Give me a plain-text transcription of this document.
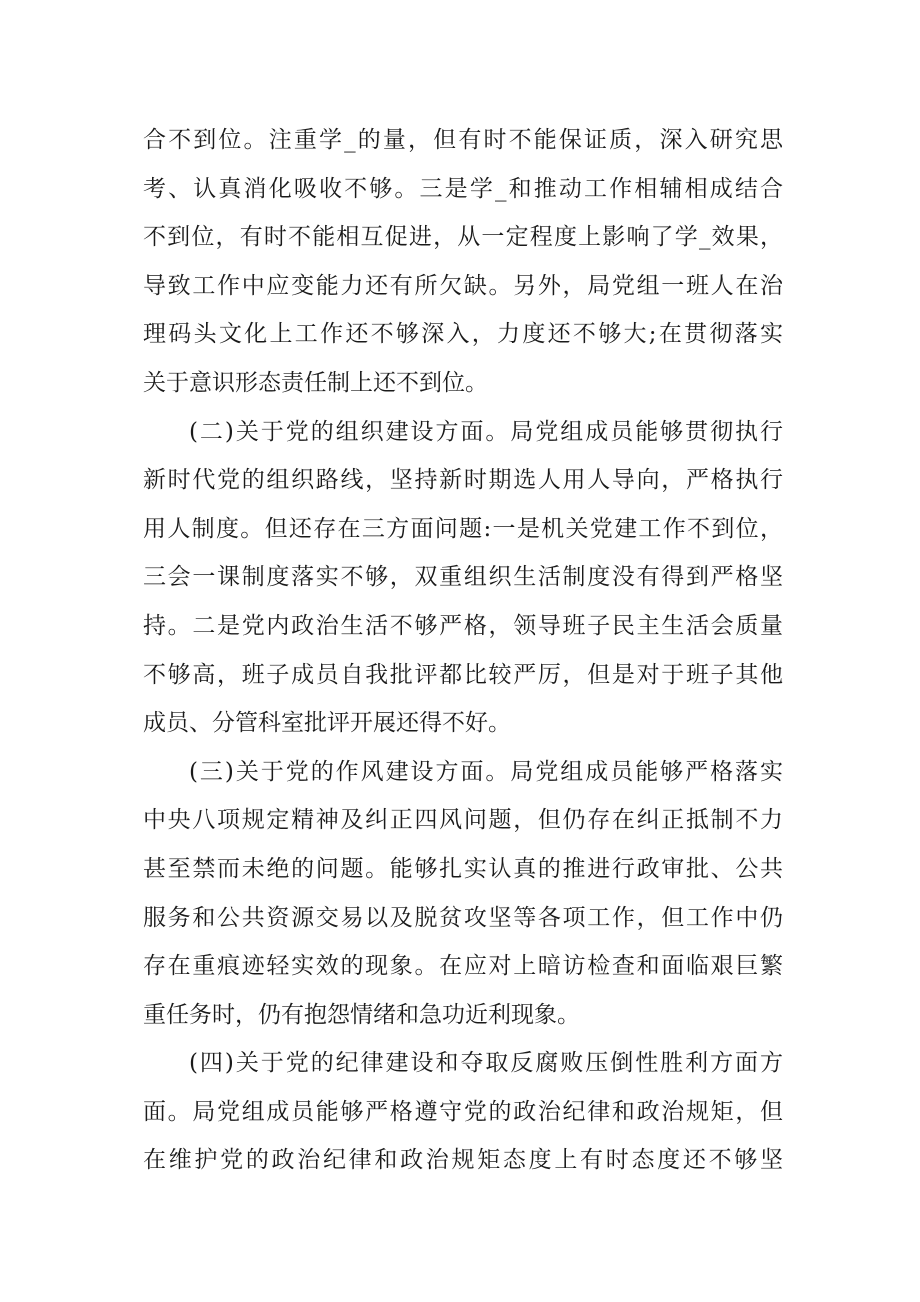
合不到位。注重学_的量，但有时不能保证质，深入研究思
考、认真消化吸收不够。三是学_和推动工作相辅相成结合
不到位，有时不能相互促进，从一定程度上影响了学_效果，
导致工作中应变能力还有所欠缺。另外，局党组一班人在治
理码头文化上工作还不够深入，力度还不够大;在贯彻落实
关于意识形态责任制上还不到位。
(二)关于党的组织建设方面。局党组成员能够贯彻执行
新时代党的组织路线，坚持新时期选人用人导向，严格执行
用人制度。但还存在三方面问题:一是机关党建工作不到位，
三会一课制度落实不够，双重组织生活制度没有得到严格坚
持。二是党内政治生活不够严格，领导班子民主生活会质量
不够高，班子成员自我批评都比较严厉，但是对于班子其他
成员、分管科室批评开展还得不好。
(三)关于党的作风建设方面。局党组成员能够严格落实
中央八项规定精神及纠正四风问题，但仍存在纠正抵制不力
甚至禁而未绝的问题。能够扎实认真的推进行政审批、公共
服务和公共资源交易以及脱贫攻坚等各项工作，但工作中仍
存在重痕迹轻实效的现象。在应对上暗访检查和面临艰巨繁
重任务时，仍有抱怨情绪和急功近利现象。
(四)关于党的纪律建设和夺取反腐败压倒性胜利方面方
面。局党组成员能够严格遵守党的政治纪律和政治规矩，但
在维护党的政治纪律和政治规矩态度上有时态度还不够坚
